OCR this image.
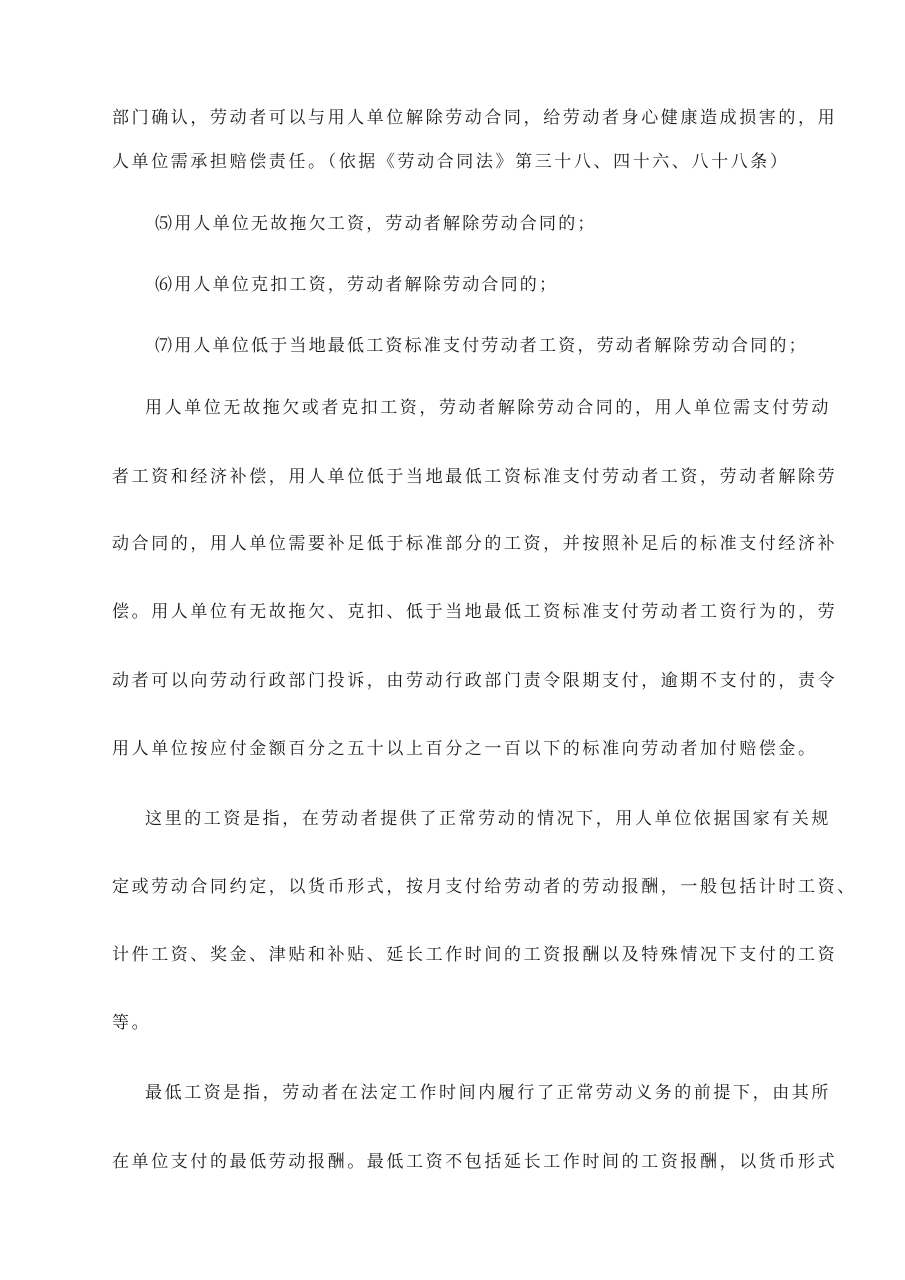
部门确认，劳动者可以与用人单位解除劳动合同，给劳动者身心健康造成损害的，用
人单位需承担赔偿责任。（依据《劳动合同法》第三十八、四十六、八十八条）
⑸用人单位无故拖欠工资，劳动者解除劳动合同的；
⑹用人单位克扣工资，劳动者解除劳动合同的；
⑺用人单位低于当地最低工资标准支付劳动者工资，劳动者解除劳动合同的；
用人单位无故拖欠或者克扣工资，劳动者解除劳动合同的，用人单位需支付劳动
者工资和经济补偿，用人单位低于当地最低工资标准支付劳动者工资，劳动者解除劳
动合同的，用人单位需要补足低于标准部分的工资，并按照补足后的标准支付经济补
偿。用人单位有无故拖欠、克扣、低于当地最低工资标准支付劳动者工资行为的，劳
动者可以向劳动行政部门投诉，由劳动行政部门责令限期支付，逾期不支付的，责令
用人单位按应付金额百分之五十以上百分之一百以下的标准向劳动者加付赔偿金。
这里的工资是指，在劳动者提供了正常劳动的情况下，用人单位依据国家有关规
定或劳动合同约定，以货币形式，按月支付给劳动者的劳动报酬，一般包括计时工资、
计件工资、奖金、津贴和补贴、延长工作时间的工资报酬以及特殊情况下支付的工资
等。
最低工资是指，劳动者在法定工作时间内履行了正常劳动义务的前提下，由其所
在单位支付的最低劳动报酬。最低工资不包括延长工作时间的工资报酬，以货币形式
